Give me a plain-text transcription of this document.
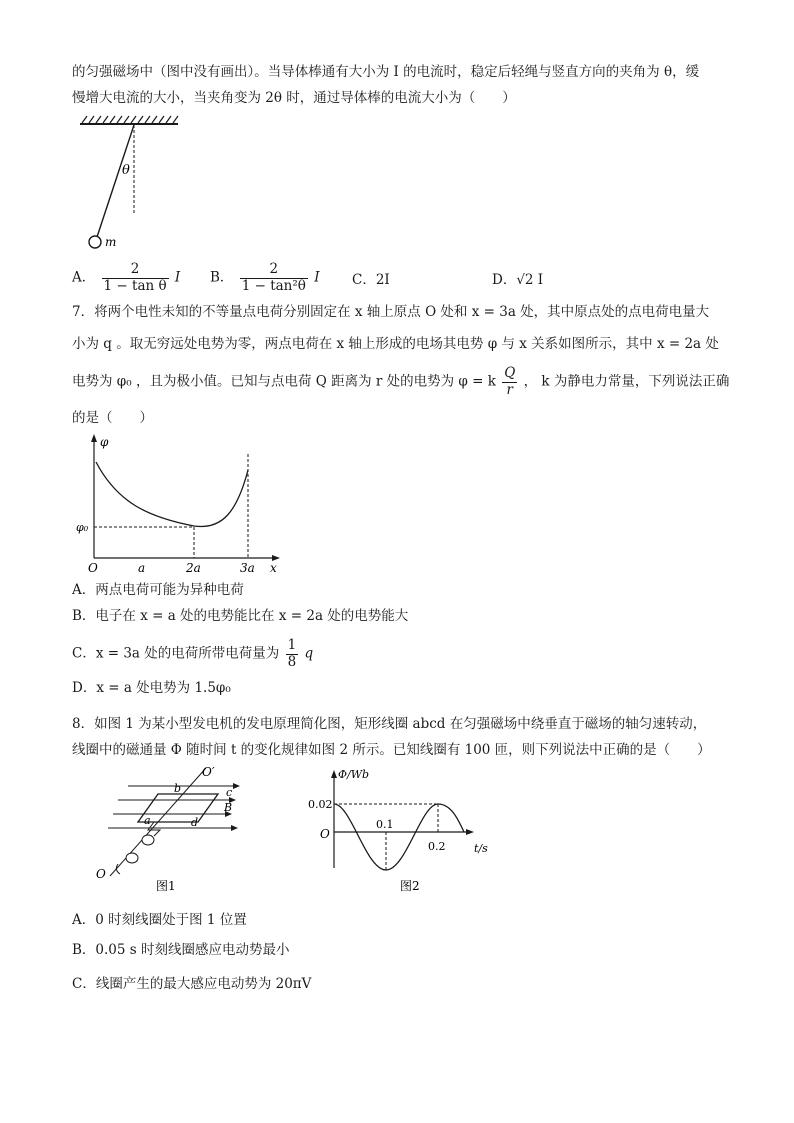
的匀强磁场中（图中没有画出）。当导体棒通有大小为 I 的电流时，稳定后轻绳与竖直方向的夹角为 θ，缓
慢增大电流的大小，当夹角变为 2θ 时，通过导体棒的电流大小为（　　）
θ
m
A． $\frac{2}{\text{1 − tan θ}}$ I B． $\frac{2}{\text{1 − tan²θ}}$ I C．2I	D．√2 I
7．将两个电性未知的不等量点电荷分别固定在 x 轴上原点 O 处和 x = 3a 处，其中原点处的点电荷电量大
小为 q 。取无穷远处电势为零，两点电荷在 x 轴上形成的电场其电势 φ 与 x 关系如图所示，其中 x = 2a 处
电势为 φ₀ ，且为极小值。已知与点电荷 Q 距离为 r 处的电势为 φ = k $\frac{Q}{r}$ ， k 为静电力常量，下列说法正确
的是（　　）
φ
φ₀
O	a	2a	3a x
A．两点电荷可能为异种电荷
B．电子在 x = a 处的电势能比在 x = 2a 处的电势能大
C．x = 3a 处的电荷所带电荷量为 $\frac{1}{8}$ q
D．x = a 处电势为 1.5φ₀
8．如图 1 为某小型发电机的发电原理简化图，矩形线圈 abcd 在匀强磁场中绕垂直于磁场的轴匀速转动，
线圈中的磁通量 Φ 随时间 t 的变化规律如图 2 所示。已知线圈有 100 匝，则下列说法中正确的是（　　）
O′
b	c
B
a	d
O
图1
Φ/Wb
0.02
O
0.1
0.2	t/s
图2
A．0 时刻线圈处于图 1 位置
B．0.05 s 时刻线圈感应电动势最小
C．线圈产生的最大感应电动势为 20πV
